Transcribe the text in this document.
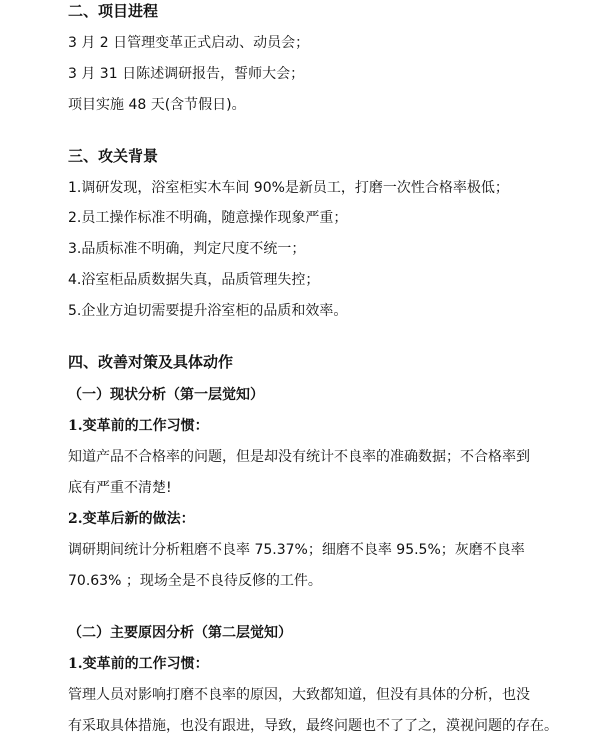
二、项目进程
3 月 2 日管理变革正式启动、动员会；
3 月 31 日陈述调研报告，誓师大会；
项目实施 48 天(含节假日)。
三、攻关背景
1.调研发现，浴室柜实木车间 90%是新员工，打磨一次性合格率极低；
2.员工操作标准不明确，随意操作现象严重；
3.品质标准不明确，判定尺度不统一；
4.浴室柜品质数据失真，品质管理失控；
5.企业方迫切需要提升浴室柜的品质和效率。
四、改善对策及具体动作
（一）现状分析（第一层觉知）
1.变革前的工作习惯：
知道产品不合格率的问题，但是却没有统计不良率的准确数据；不合格率到
底有严重不清楚!
2.变革后新的做法：
调研期间统计分析粗磨不良率 75.37%；细磨不良率 95.5%；灰磨不良率
70.63% ；现场全是不良待反修的工件。
（二）主要原因分析（第二层觉知）
1.变革前的工作习惯：
管理人员对影响打磨不良率的原因，大致都知道，但没有具体的分析，也没
有采取具体措施，也没有跟进，导致，最终问题也不了了之，漠视问题的存在。
